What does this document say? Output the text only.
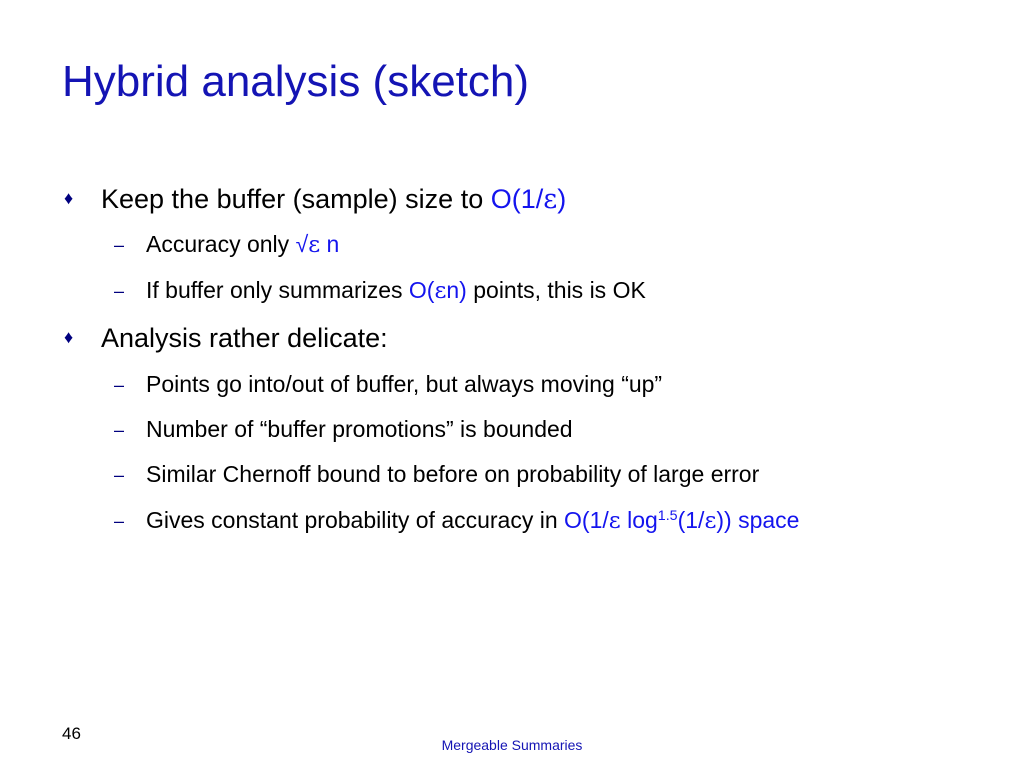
Hybrid analysis (sketch)
♦ Keep the buffer (sample) size to O(1/ε)
– Accuracy only √ε n
– If buffer only summarizes O(εn) points, this is OK
♦ Analysis rather delicate:
– Points go into/out of buffer, but always moving “up”
– Number of “buffer promotions” is bounded
– Similar Chernoff bound to before on probability of large error
– Gives constant probability of accuracy in O(1/ε $\log^{1.5}(1/\varepsilon)$) space
46
Mergeable Summaries
